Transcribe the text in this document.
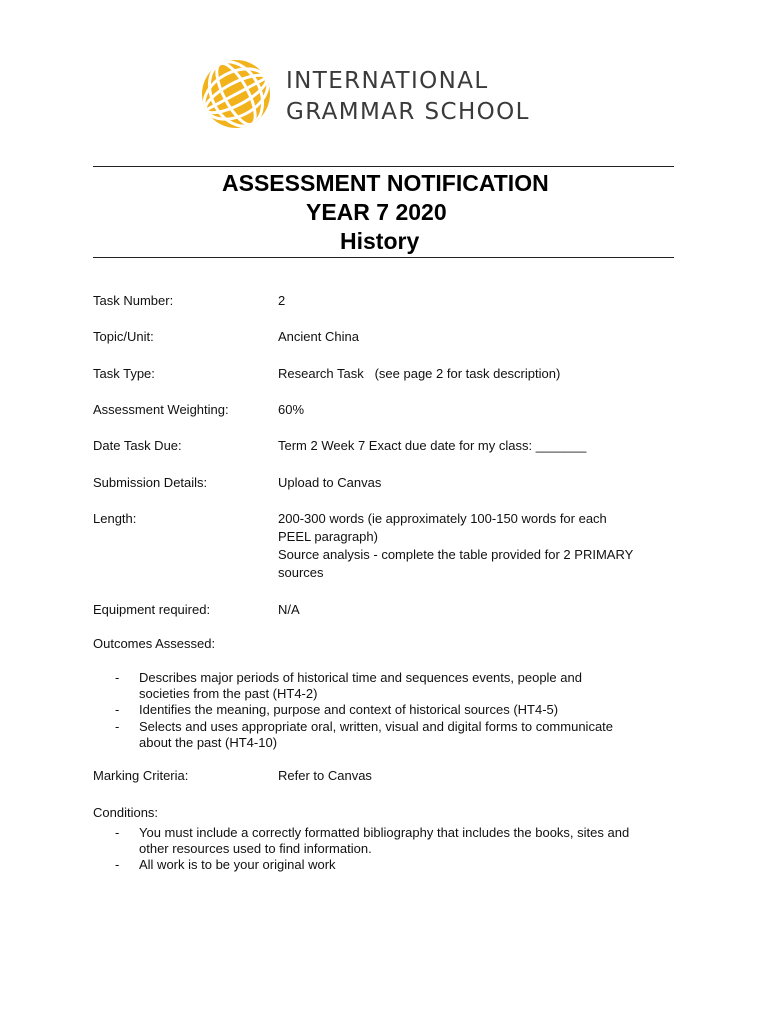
INTERNATIONAL
GRAMMAR SCHOOL
ASSESSMENT NOTIFICATION
YEAR 7 2020
History
Task Number:	2
Topic/Unit:	Ancient China
Task Type:	Research Task   (see page 2 for task description)
Assessment Weighting:	60%
Date Task Due:	Term 2 Week 7 Exact due date for my class: _______
Submission Details:	Upload to Canvas
Length:	200-300 words (ie approximately 100-150 words for each
PEEL paragraph)
Source analysis - complete the table provided for 2 PRIMARY
sources
Equipment required:	N/A
Outcomes Assessed:
- Describes major periods of historical time and sequences events, people and
societies from the past (HT4-2)
- Identifies the meaning, purpose and context of historical sources (HT4-5)
- Selects and uses appropriate oral, written, visual and digital forms to communicate
about the past (HT4-10)
Marking Criteria:	Refer to Canvas
Conditions:
- You must include a correctly formatted bibliography that includes the books, sites and
other resources used to find information.
- All work is to be your original work
